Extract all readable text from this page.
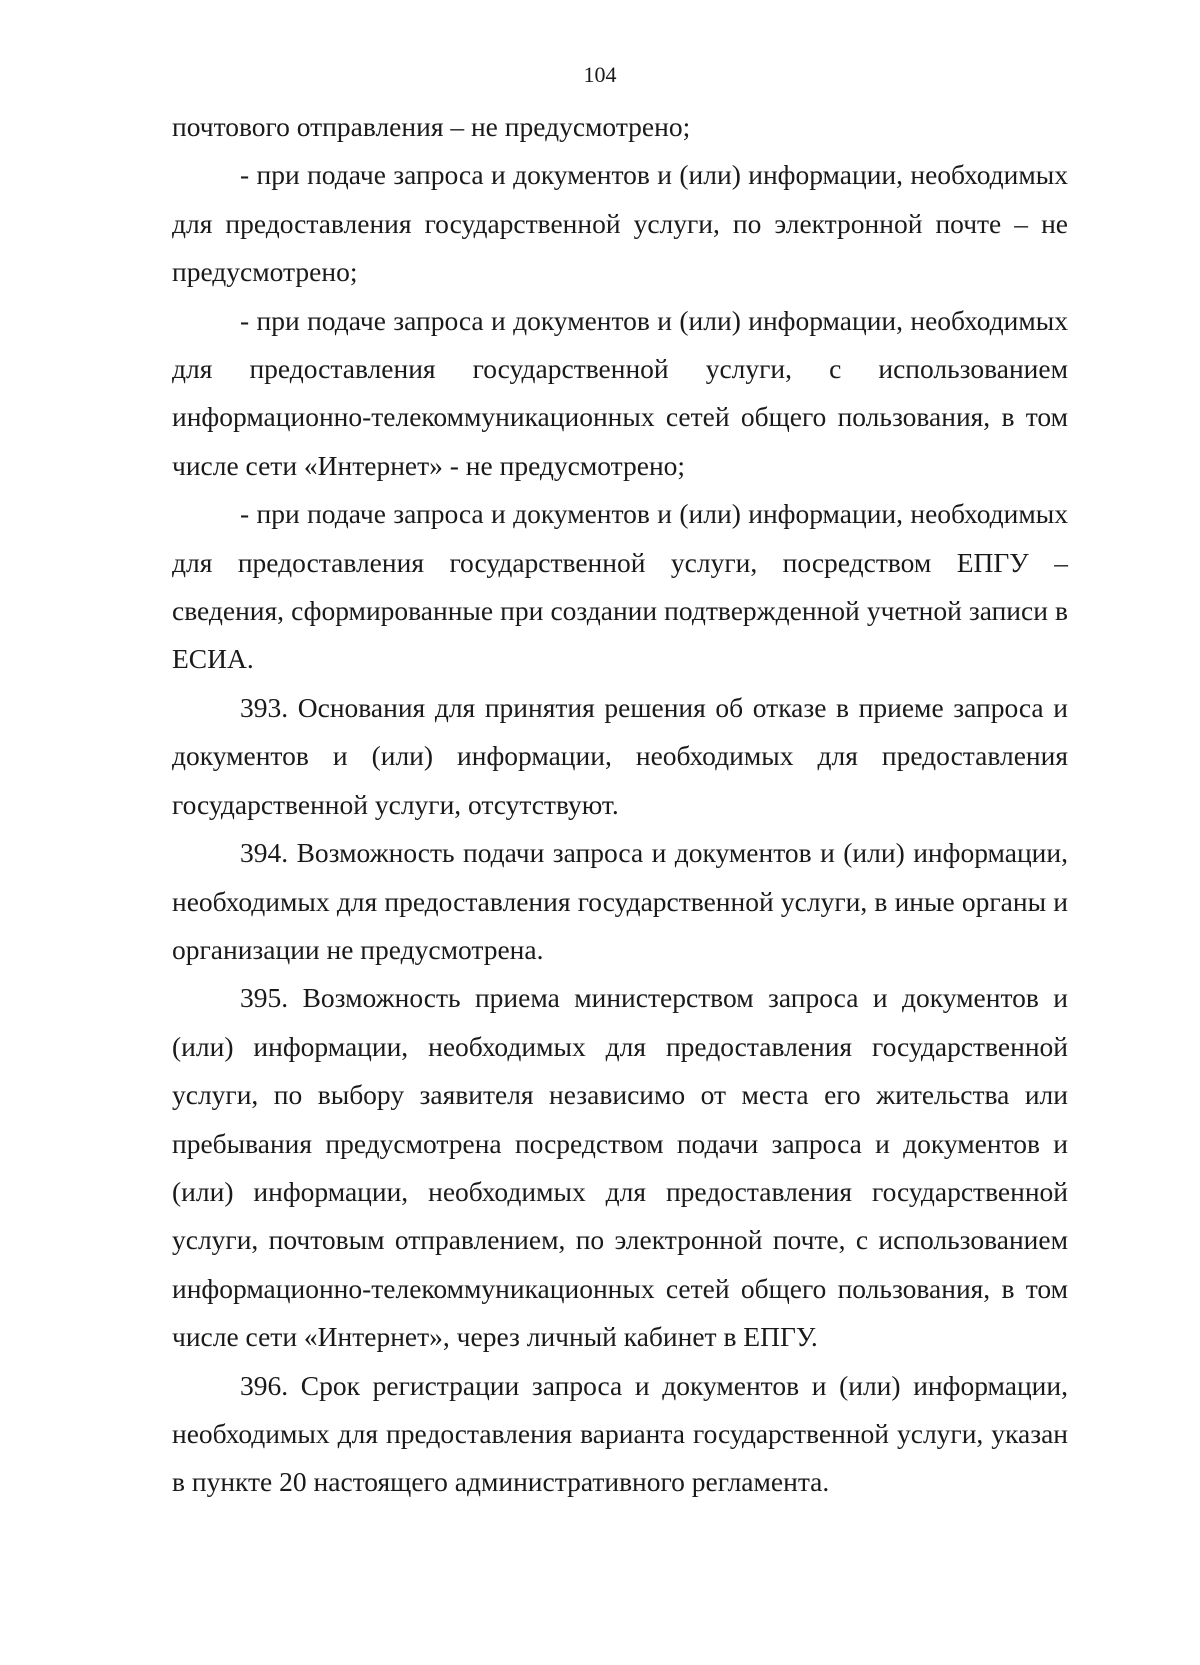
104

почтового отправления – не предусмотрено;

- при подаче запроса и документов и (или) информации, необходимых для предоставления государственной услуги, по электронной почте – не предусмотрено;

- при подаче запроса и документов и (или) информации, необходимых для предоставления государственной услуги, с использованием информационно-телекоммуникационных сетей общего пользования, в том числе сети «Интернет» - не предусмотрено;

- при подаче запроса и документов и (или) информации, необходимых для предоставления государственной услуги, посредством ЕПГУ – сведения, сформированные при создании подтвержденной учетной записи в ЕСИА.

393. Основания для принятия решения об отказе в приеме запроса и документов и (или) информации, необходимых для предоставления государственной услуги, отсутствуют.

394. Возможность подачи запроса и документов и (или) информации, необходимых для предоставления государственной услуги, в иные органы и организации не предусмотрена.

395. Возможность приема министерством запроса и документов и (или) информации, необходимых для предоставления государственной услуги, по выбору заявителя независимо от места его жительства или пребывания предусмотрена посредством подачи запроса и документов и (или) информации, необходимых для предоставления государственной услуги, почтовым отправлением, по электронной почте, с использованием информационно-телекоммуникационных сетей общего пользования, в том числе сети «Интернет», через личный кабинет в ЕПГУ.

396. Срок регистрации запроса и документов и (или) информации, необходимых для предоставления варианта государственной услуги, указан в пункте 20 настоящего административного регламента.
